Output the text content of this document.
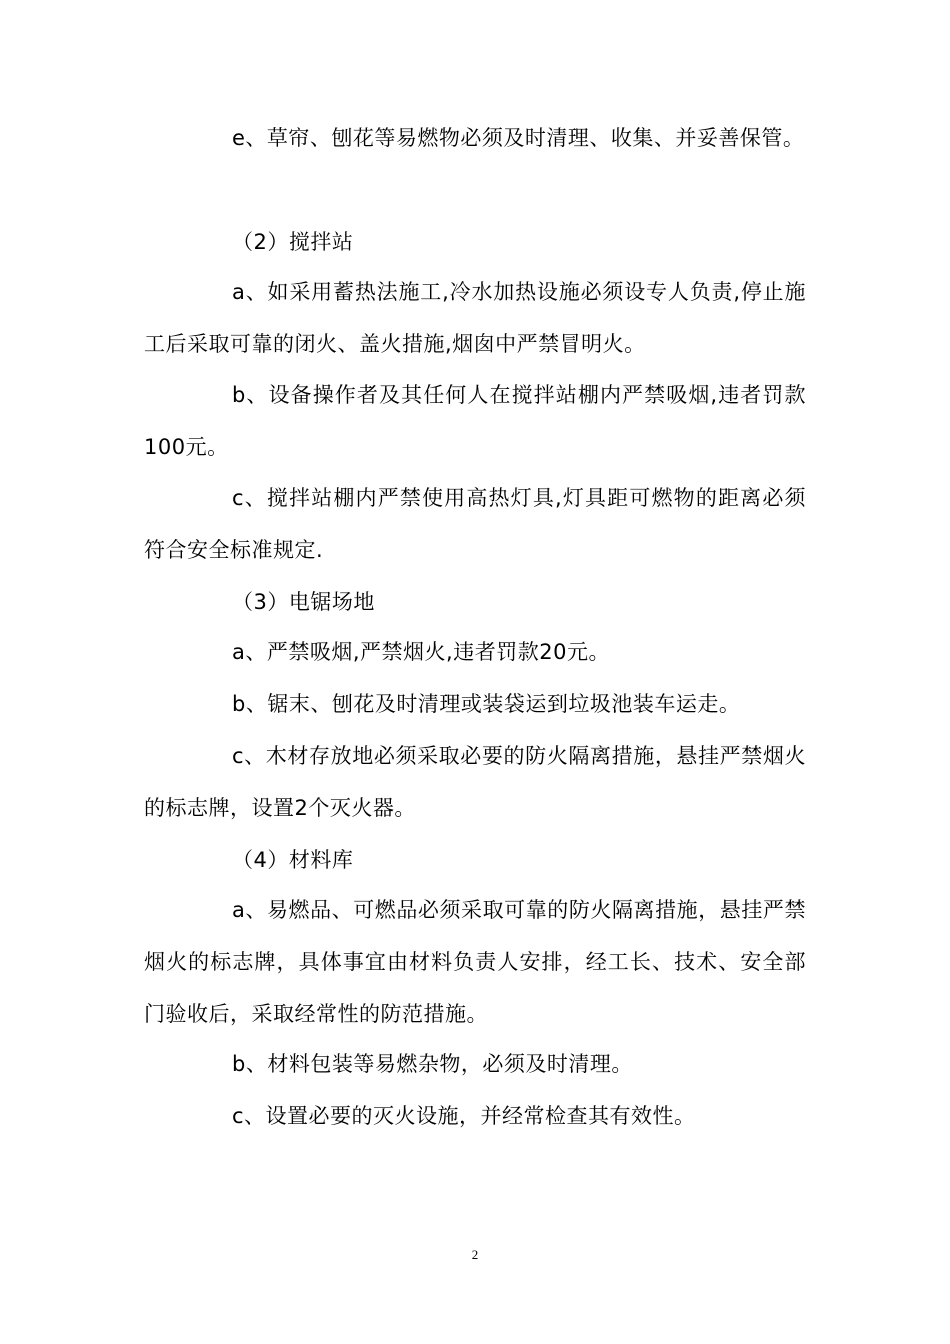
e、草帘、刨花等易燃物必须及时清理、收集、并妥善保管。

（2）搅拌站

a、如采用蓄热法施工,冷水加热设施必须设专人负责,停止施工后采取可靠的闭火、盖火措施,烟囱中严禁冒明火。

b、设备操作者及其任何人在搅拌站棚内严禁吸烟,违者罚款100元。

c、搅拌站棚内严禁使用高热灯具,灯具距可燃物的距离必须符合安全标准规定.

（3）电锯场地

a、严禁吸烟,严禁烟火,违者罚款20元。

b、锯末、刨花及时清理或装袋运到垃圾池装车运走。

c、木材存放地必须采取必要的防火隔离措施，悬挂严禁烟火的标志牌，设置2个灭火器。

（4）材料库

a、易燃品、可燃品必须采取可靠的防火隔离措施，悬挂严禁烟火的标志牌，具体事宜由材料负责人安排，经工长、技术、安全部门验收后，采取经常性的防范措施。

b、材料包装等易燃杂物，必须及时清理。

c、设置必要的灭火设施，并经常检查其有效性。

2
